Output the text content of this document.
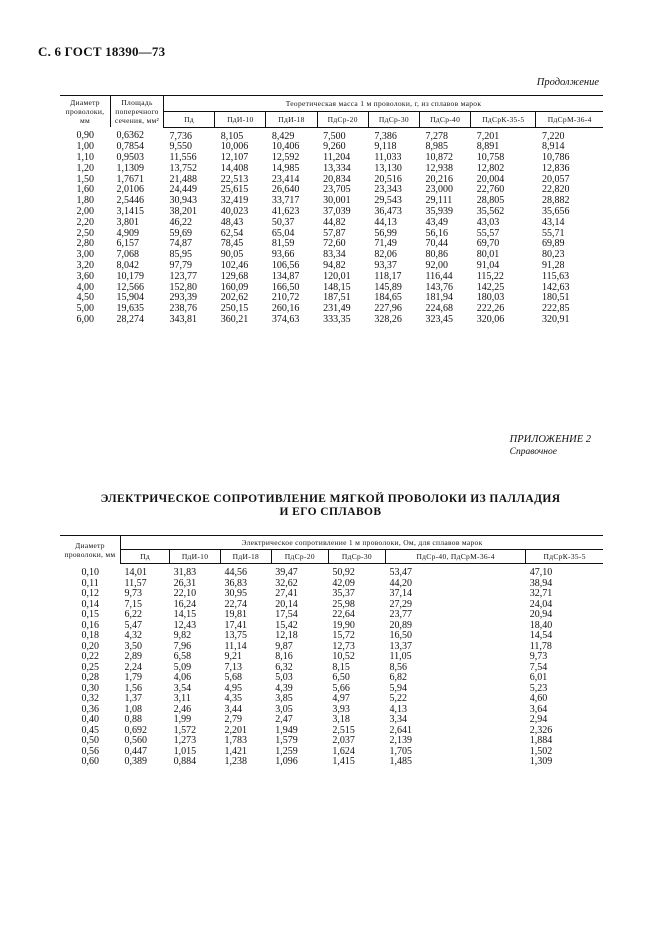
С. 6 ГОСТ 18390—73
Продолжение
Диаметр проволоки, мм	Площадь поперечного сечения, мм²	Теоретическая масса 1 м проволоки, г, из сплавов марок							
		Пд	ПдИ-10	ПдИ-18	ПдСр-20	ПдСр-30	ПдСр-40	ПдСрК-35-5	ПдСрМ-36-4
0,90	0,6362	7,736	8,105	8,429	7,500	7,386	7,278	7,201	7,220
1,00	0,7854	9,550	10,006	10,406	9,260	9,118	8,985	8,891	8,914
1,10	0,9503	11,556	12,107	12,592	11,204	11,033	10,872	10,758	10,786
1,20	1,1309	13,752	14,408	14,985	13,334	13,130	12,938	12,802	12,836
1,50	1,7671	21,488	22,513	23,414	20,834	20,516	20,216	20,004	20,057
1,60	2,0106	24,449	25,615	26,640	23,705	23,343	23,000	22,760	22,820
1,80	2,5446	30,943	32,419	33,717	30,001	29,543	29,111	28,805	28,882
2,00	3,1415	38,201	40,023	41,623	37,039	36,473	35,939	35,562	35,656
2,20	3,801	46,22	48,43	50,37	44,82	44,13	43,49	43,03	43,14
2,50	4,909	59,69	62,54	65,04	57,87	56,99	56,16	55,57	55,71
2,80	6,157	74,87	78,45	81,59	72,60	71,49	70,44	69,70	69,89
3,00	7,068	85,95	90,05	93,66	83,34	82,06	80,86	80,01	80,23
3,20	8,042	97,79	102,46	106,56	94,82	93,37	92,00	91,04	91,28
3,60	10,179	123,77	129,68	134,87	120,01	118,17	116,44	115,22	115,63
4,00	12,566	152,80	160,09	166,50	148,15	145,89	143,76	142,25	142,63
4,50	15,904	293,39	202,62	210,72	187,51	184,65	181,94	180,03	180,51
5,00	19,635	238,76	250,15	260,16	231,49	227,96	224,68	222,26	222,85
6,00	28,274	343,81	360,21	374,63	333,35	328,26	323,45	320,06	320,91
ПРИЛОЖЕНИЕ 2
Справочное
ЭЛЕКТРИЧЕСКОЕ СОПРОТИВЛЕНИЕ МЯГКОЙ ПРОВОЛОКИ ИЗ ПАЛЛАДИЯ
И ЕГО СПЛАВОВ
Диаметр проволоки, мм	Электрическое сопротивление 1 м проволоки, Ом, для сплавов марок						
	Пд	ПдИ-10	ПдИ-18	ПдСр-20	ПдСр-30	ПдСр-40, ПдСрМ-36-4	ПдСрК-35-5
0,10	14,01	31,83	44,56	39,47	50,92	53,47	47,10
0,11	11,57	26,31	36,83	32,62	42,09	44,20	38,94
0,12	9,73	22,10	30,95	27,41	35,37	37,14	32,71
0,14	7,15	16,24	22,74	20,14	25,98	27,29	24,04
0,15	6,22	14,15	19,81	17,54	22,64	23,77	20,94
0,16	5,47	12,43	17,41	15,42	19,90	20,89	18,40
0,18	4,32	9,82	13,75	12,18	15,72	16,50	14,54
0,20	3,50	7,96	11,14	9,87	12,73	13,37	11,78
0,22	2,89	6,58	9,21	8,16	10,52	11,05	9,73
0,25	2,24	5,09	7,13	6,32	8,15	8,56	7,54
0,28	1,79	4,06	5,68	5,03	6,50	6,82	6,01
0,30	1,56	3,54	4,95	4,39	5,66	5,94	5,23
0,32	1,37	3,11	4,35	3,85	4,97	5,22	4,60
0,36	1,08	2,46	3,44	3,05	3,93	4,13	3,64
0,40	0,88	1,99	2,79	2,47	3,18	3,34	2,94
0,45	0,692	1,572	2,201	1,949	2,515	2,641	2,326
0,50	0,560	1,273	1,783	1,579	2,037	2,139	1,884
0,56	0,447	1,015	1,421	1,259	1,624	1,705	1,502
0,60	0,389	0,884	1,238	1,096	1,415	1,485	1,309
